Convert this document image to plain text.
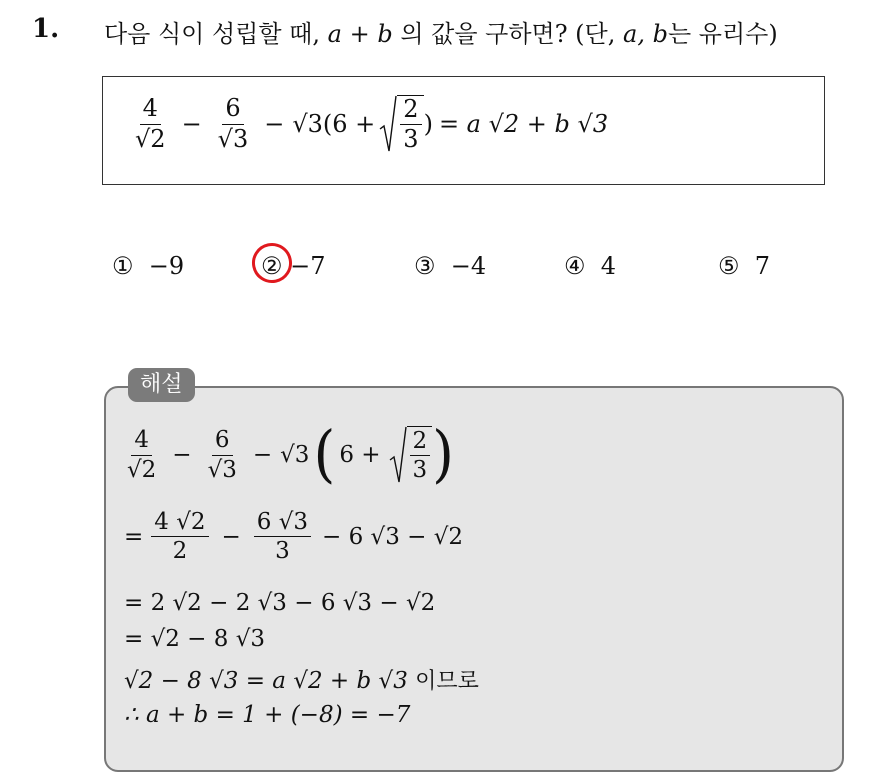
1. 다음 식이 성립할 때, a + b 의 값을 구하면? (단, a, b는 유리수)
$\frac{4}{√2} - \frac{6}{√3} - √3$ ($6 + \frac{2}{3}$ ) = a √2 + b √3
① −9	② −7	③ −4	④ 4	⑤ 7
해설
$\frac{4}{√2} - \frac{6}{√3} - √3$ ( $6 + \frac{2}{3}$ )
= $\frac{4 √2}{2} - \frac{6 √3}{3} - 6$ √3 − √2
= 2 √2 − 2 √3 − 6 √3 − √2
= √2 − 8 √3
√2 − 8 √3 = a √2 + b √3 이므로
∴ a + b = 1 + (−8) = −7
